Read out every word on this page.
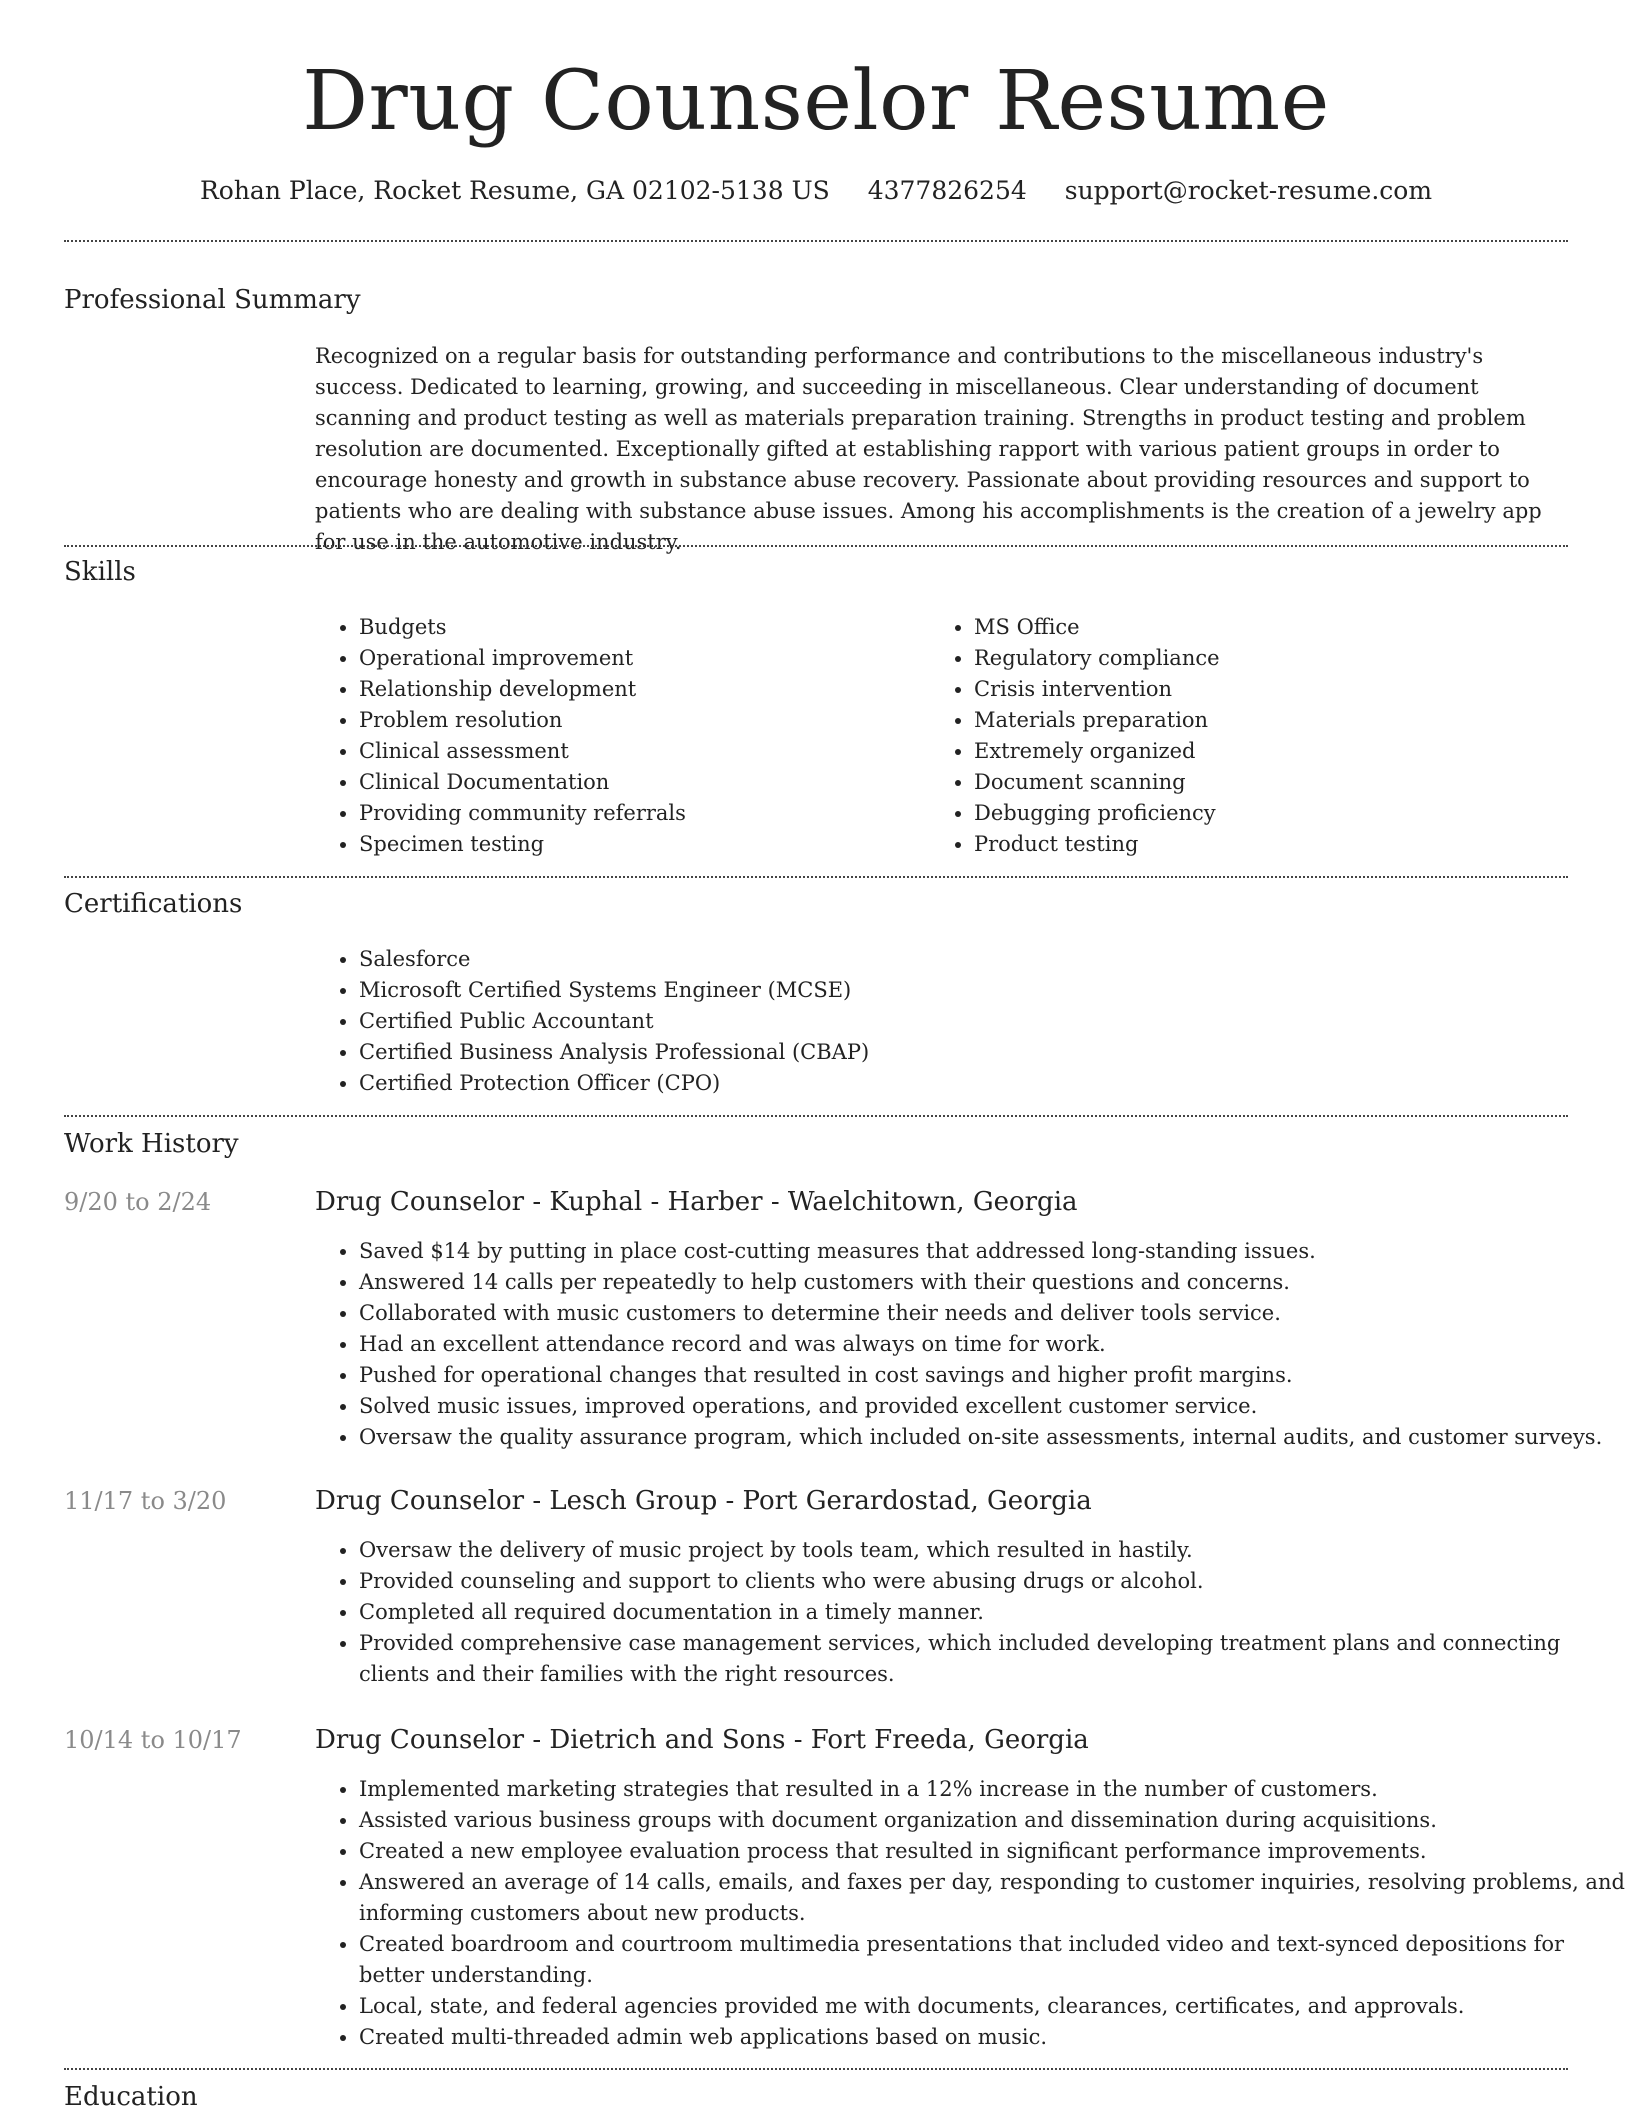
Drug Counselor Resume
Rohan Place, Rocket Resume, GA 02102-5138 US 4377826254 support@rocket-resume.com
Professional Summary

Recognized on a regular basis for outstanding performance and contributions to the miscellaneous industry's success. Dedicated to learning, growing, and succeeding in miscellaneous. Clear understanding of document scanning and product testing as well as materials preparation training. Strengths in product testing and problem resolution are documented. Exceptionally gifted at establishing rapport with various patient groups in order to encourage honesty and growth in substance abuse recovery. Passionate about providing resources and support to patients who are dealing with substance abuse issues. Among his accomplishments is the creation of a jewelry app for use in the automotive industry.

Skills
• Budgets
• Operational improvement
• Relationship development
• Problem resolution
• Clinical assessment
• Clinical Documentation
• Providing community referrals
• Specimen testing
• MS Office
• Regulatory compliance
• Crisis intervention
• Materials preparation
• Extremely organized
• Document scanning
• Debugging proficiency
• Product testing
Certifications
• Salesforce
• Microsoft Certified Systems Engineer (MCSE)
• Certified Public Accountant
• Certified Business Analysis Professional (CBAP)
• Certified Protection Officer (CPO)
Work History
9/20 to 2/24	Drug Counselor - Kuphal - Harber - Waelchitown, Georgia
• Saved $14 by putting in place cost-cutting measures that addressed long-standing issues.
• Answered 14 calls per repeatedly to help customers with their questions and concerns.
• Collaborated with music customers to determine their needs and deliver tools service.
• Had an excellent attendance record and was always on time for work.
• Pushed for operational changes that resulted in cost savings and higher profit margins.
• Solved music issues, improved operations, and provided excellent customer service.
• Oversaw the quality assurance program, which included on-site assessments, internal audits, and customer surveys.
11/17 to 3/20	Drug Counselor - Lesch Group - Port Gerardostad, Georgia
• Oversaw the delivery of music project by tools team, which resulted in hastily.
• Provided counseling and support to clients who were abusing drugs or alcohol.
• Completed all required documentation in a timely manner.
• Provided comprehensive case management services, which included developing treatment plans and connecting clients and their families with the right resources.
10/14 to 10/17	Drug Counselor - Dietrich and Sons - Fort Freeda, Georgia
• Implemented marketing strategies that resulted in a 12% increase in the number of customers.
• Assisted various business groups with document organization and dissemination during acquisitions.
• Created a new employee evaluation process that resulted in significant performance improvements.
• Answered an average of 14 calls, emails, and faxes per day, responding to customer inquiries, resolving problems, and informing customers about new products.
• Created boardroom and courtroom multimedia presentations that included video and text-synced depositions for better understanding.
• Local, state, and federal agencies provided me with documents, clearances, certificates, and approvals.
• Created multi-threaded admin web applications based on music.
Education
